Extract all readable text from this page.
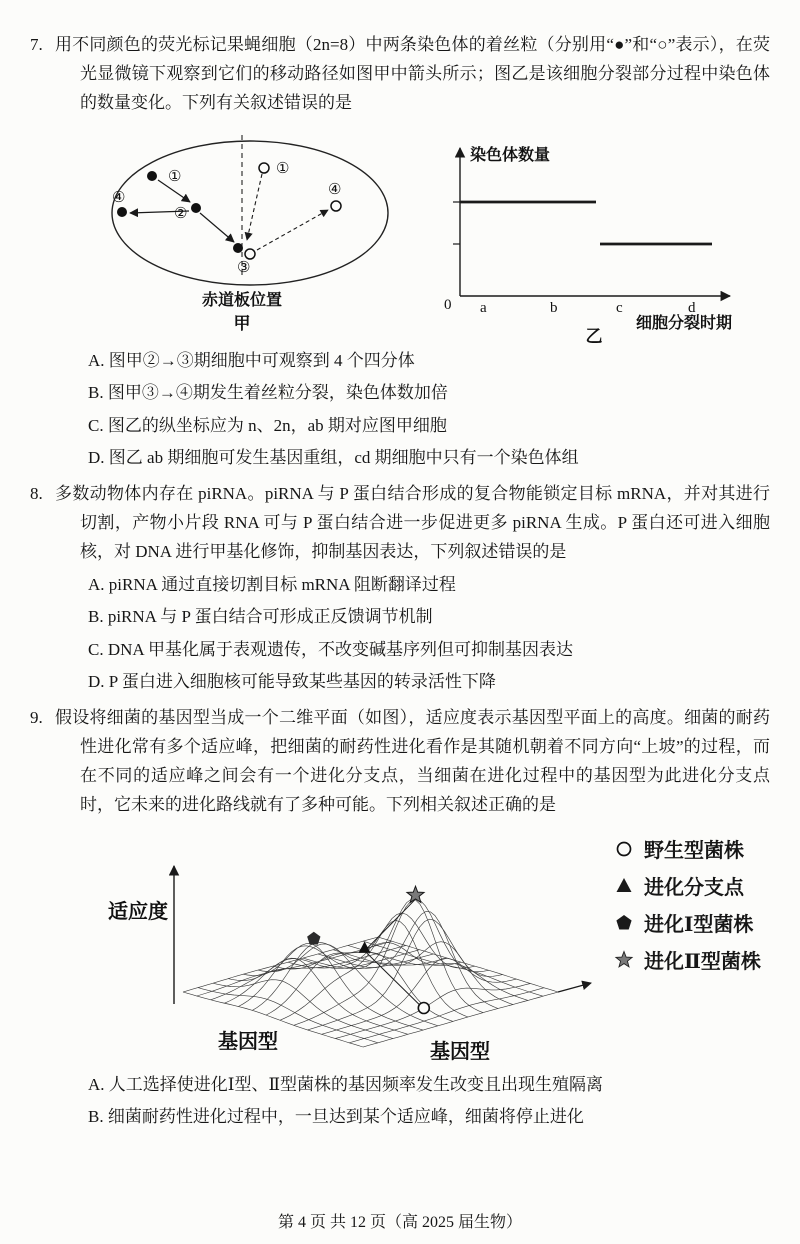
7. 用不同颜色的荧光标记果蝇细胞（2n=8）中两条染色体的着丝粒（分别用“●”和“○”表示），在荧光显微镜下观察到它们的移动路径如图甲中箭头所示；图乙是该细胞分裂部分过程中染色体的数量变化。下列有关叙述错误的是

①	①
②
③
④	④
赤道板位置
甲
染色体数量
0 a	b	c	d
细胞分裂时期
乙
A. 图甲②→③期细胞中可观察到 4 个四分体
B. 图甲③→④期发生着丝粒分裂，染色体数加倍
C. 图乙的纵坐标应为 n、2n，ab 期对应图甲细胞
D. 图乙 ab 期细胞可发生基因重组，cd 期细胞中只有一个染色体组

8. 多数动物体内存在 piRNA。piRNA 与 P 蛋白结合形成的复合物能锁定目标 mRNA，并对其进行切割，产物小片段 RNA 可与 P 蛋白结合进一步促进更多 piRNA 生成。P 蛋白还可进入细胞核，对 DNA 进行甲基化修饰，抑制基因表达，下列叙述错误的是

A. piRNA 通过直接切割目标 mRNA 阻断翻译过程
B. piRNA 与 P 蛋白结合可形成正反馈调节机制
C. DNA 甲基化属于表观遗传，不改变碱基序列但可抑制基因表达
D. P 蛋白进入细胞核可能导致某些基因的转录活性下降

9. 假设将细菌的基因型当成一个二维平面（如图），适应度表示基因型平面上的高度。细菌的耐药性进化常有多个适应峰，把细菌的耐药性进化看作是其随机朝着不同方向“上坡”的过程，而在不同的适应峰之间会有一个进化分支点，当细菌在进化过程中的基因型为此进化分支点时，它未来的进化路线就有了多种可能。下列相关叙述正确的是

适应度
基因型	基因型
野生型菌株
进化分支点
进化Ⅰ型菌株
进化Ⅱ型菌株
A. 人工选择使进化Ⅰ型、Ⅱ型菌株的基因频率发生改变且出现生殖隔离
B. 细菌耐药性进化过程中，一旦达到某个适应峰，细菌将停止进化
第 4 页 共 12 页（高 2025 届生物）
